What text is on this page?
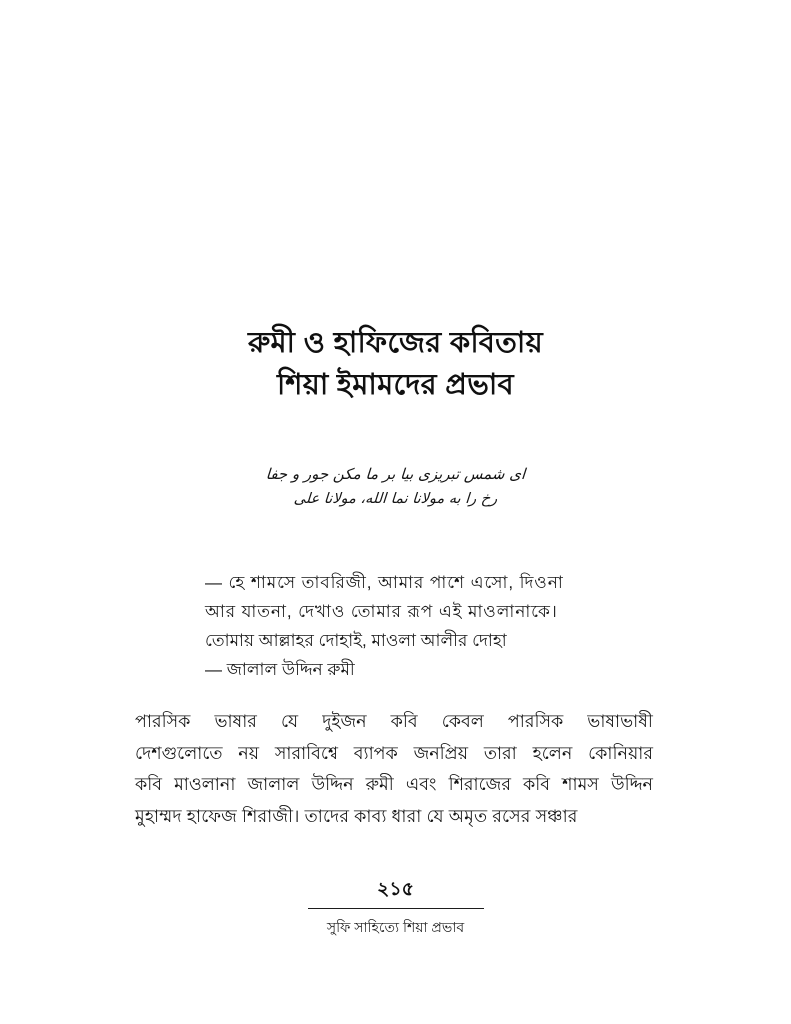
রুমী ও হাফিজের কবিতায়
শিয়া ইমামদের প্রভাব
ای شمس تبریزی بیا بر ما مکن جور و جفا
رخ را به مولانا نما الله، مولانا علی
— হে শামসে তাবরিজী, আমার পাশে এসো, দিওনা
আর যাতনা, দেখাও তোমার রূপ এই মাওলানাকে।
তোমায় আল্লাহর দোহাই, মাওলা আলীর দোহা
— জালাল উদ্দিন রুমী
পারসিক ভাষার যে দুইজন কবি কেবল পারসিক ভাষাভাষী
দেশগুলোতে নয় সারাবিশ্বে ব্যাপক জনপ্রিয় তারা হলেন কোনিয়ার
কবি মাওলানা জালাল উদ্দিন রুমী এবং শিরাজের কবি শামস উদ্দিন
মুহাম্মদ হাফেজ শিরাজী। তাদের কাব্য ধারা যে অমৃত রসের সঞ্চার
২১৫
সুফি সাহিত্যে শিয়া প্রভাব
